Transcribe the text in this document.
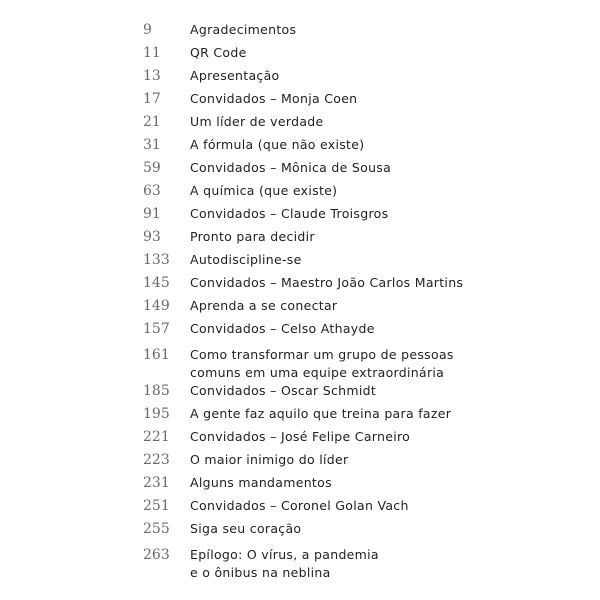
9	Agradecimentos
11	QR Code
13	Apresentação
17	Convidados – Monja Coen
21	Um líder de verdade
31	A fórmula (que não existe)
59	Convidados – Mônica de Sousa
63	A química (que existe)
91	Convidados – Claude Troisgros
93	Pronto para decidir
133	Autodisciplinе-se
145	Convidados – Maestro João Carlos Martins
149	Aprenda a se conectar
157	Convidados – Celso Athayde
161	Como transformar um grupo de pessoas
comuns em uma equipe extraordinária
185	Convidados – Oscar Schmidt
195	A gente faz aquilo que treina para fazer
221	Convidados – José Felipe Carneiro
223	O maior inimigo do líder
231	Alguns mandamentos
251	Convidados – Coronel Golan Vach
255	Siga seu coração
263	Epílogo: O vírus, a pandemia
e o ônibus na neblina
